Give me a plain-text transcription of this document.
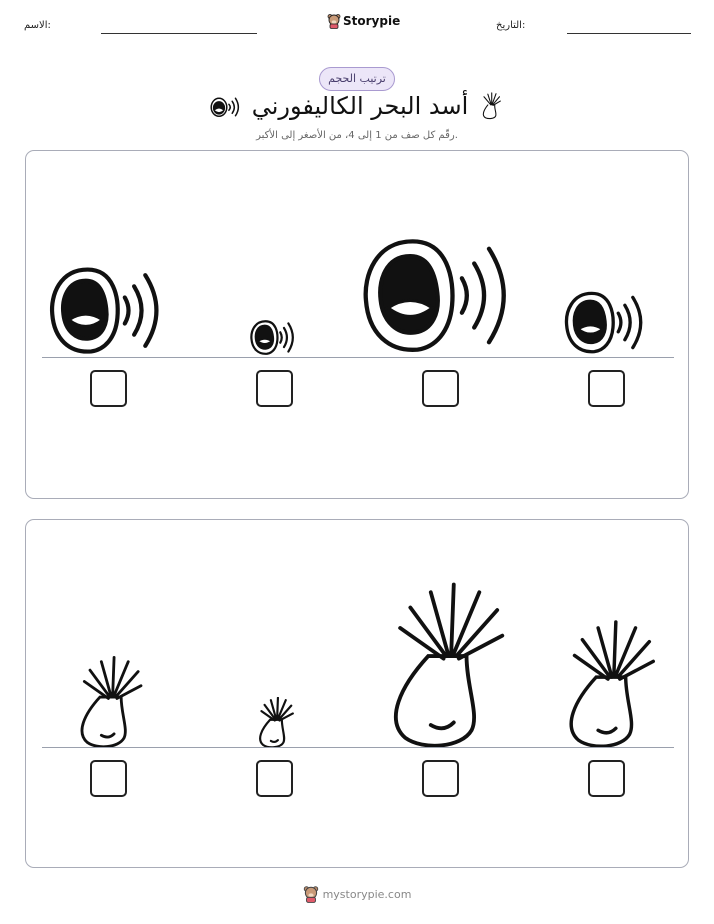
الاسم:	Storypie	التاريخ:
ترتيب الحجم
أسد البحر الكاليفورني
رقّم كل صف من 1 إلى 4، من الأصغر إلى الأكبر.
mystorypie.com
